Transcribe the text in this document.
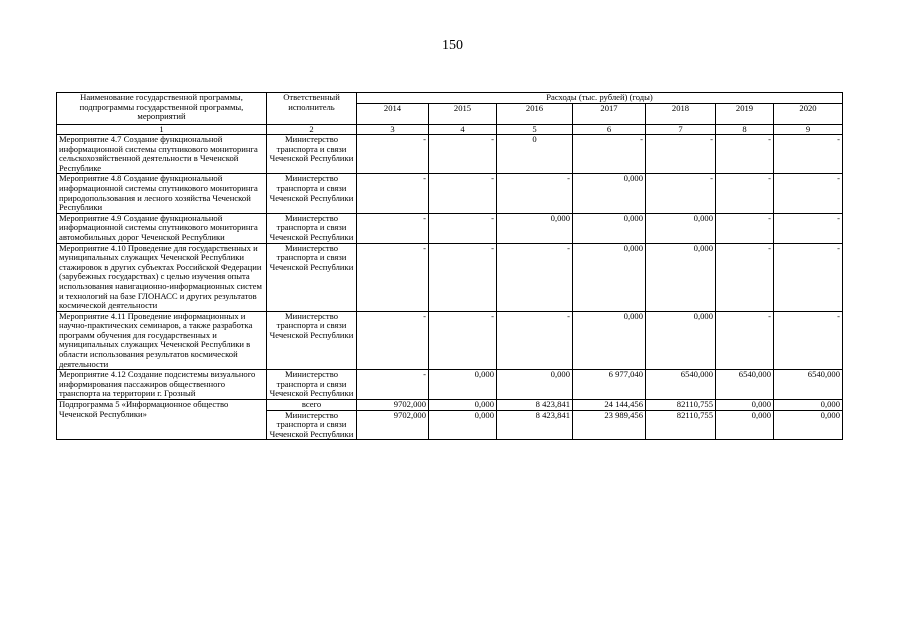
150
Наименование государственной программы, подпрограммы государственной программы, мероприятий	Ответственный исполнитель	Расходы (тыс. рублей) (годы)						
		2014	2015	2016	2017	2018	2019	2020
1	2	3	4	5	6	7	8	9
Мероприятие 4.7 Создание функциональной информационной системы спутникового мониторинга сельскохозяйственной деятельности в Чеченской Республике	Министерство транспорта и связи Чеченской Республики	-	-	0	-	-	-	-
Мероприятие 4.8 Создание функциональной информационной системы спутникового мониторинга природопользования и лесного хозяйства Чеченской Республики	Министерство транспорта и связи Чеченской Республики	-	-	-	0,000	-	-	-
Мероприятие 4.9 Создание функциональной информационной системы спутникового мониторинга автомобильных дорог Чеченской Республики	Министерство транспорта и связи Чеченской Республики	-	-	0,000	0,000	0,000	-	-
Мероприятие 4.10 Проведение для государственных и муниципальных служащих Чеченской Республики стажировок в других субъектах Российской Федерации (зарубежных государствах) с целью изучения опыта использования навигационно-информационных систем и технологий на базе ГЛОНАСС и других результатов космической деятельности	Министерство транспорта и связи Чеченской Республики	-	-	-	0,000	0,000	-	-
Мероприятие 4.11 Проведение информационных и научно-практических семинаров, а также разработка программ обучения для государственных и муниципальных служащих Чеченской Республики в области использования результатов космической деятельности	Министерство транспорта и связи Чеченской Республики	-	-	-	0,000	0,000	-	-
Мероприятие 4.12 Создание подсистемы визуального информирования пассажиров общественного транспорта на территории г. Грозный	Министерство транспорта и связи Чеченской Республики	-	0,000	0,000	6 977,040	6540,000	6540,000	6540,000
Подпрограмма 5 «Информационное общество Чеченской Республики»	всего	9702,000	0,000	8 423,841	24 144,456	82110,755	0,000	0,000
	Министерство транспорта и связи Чеченской Республики	9702,000	0,000	8 423,841	23 989,456	82110,755	0,000	0,000
